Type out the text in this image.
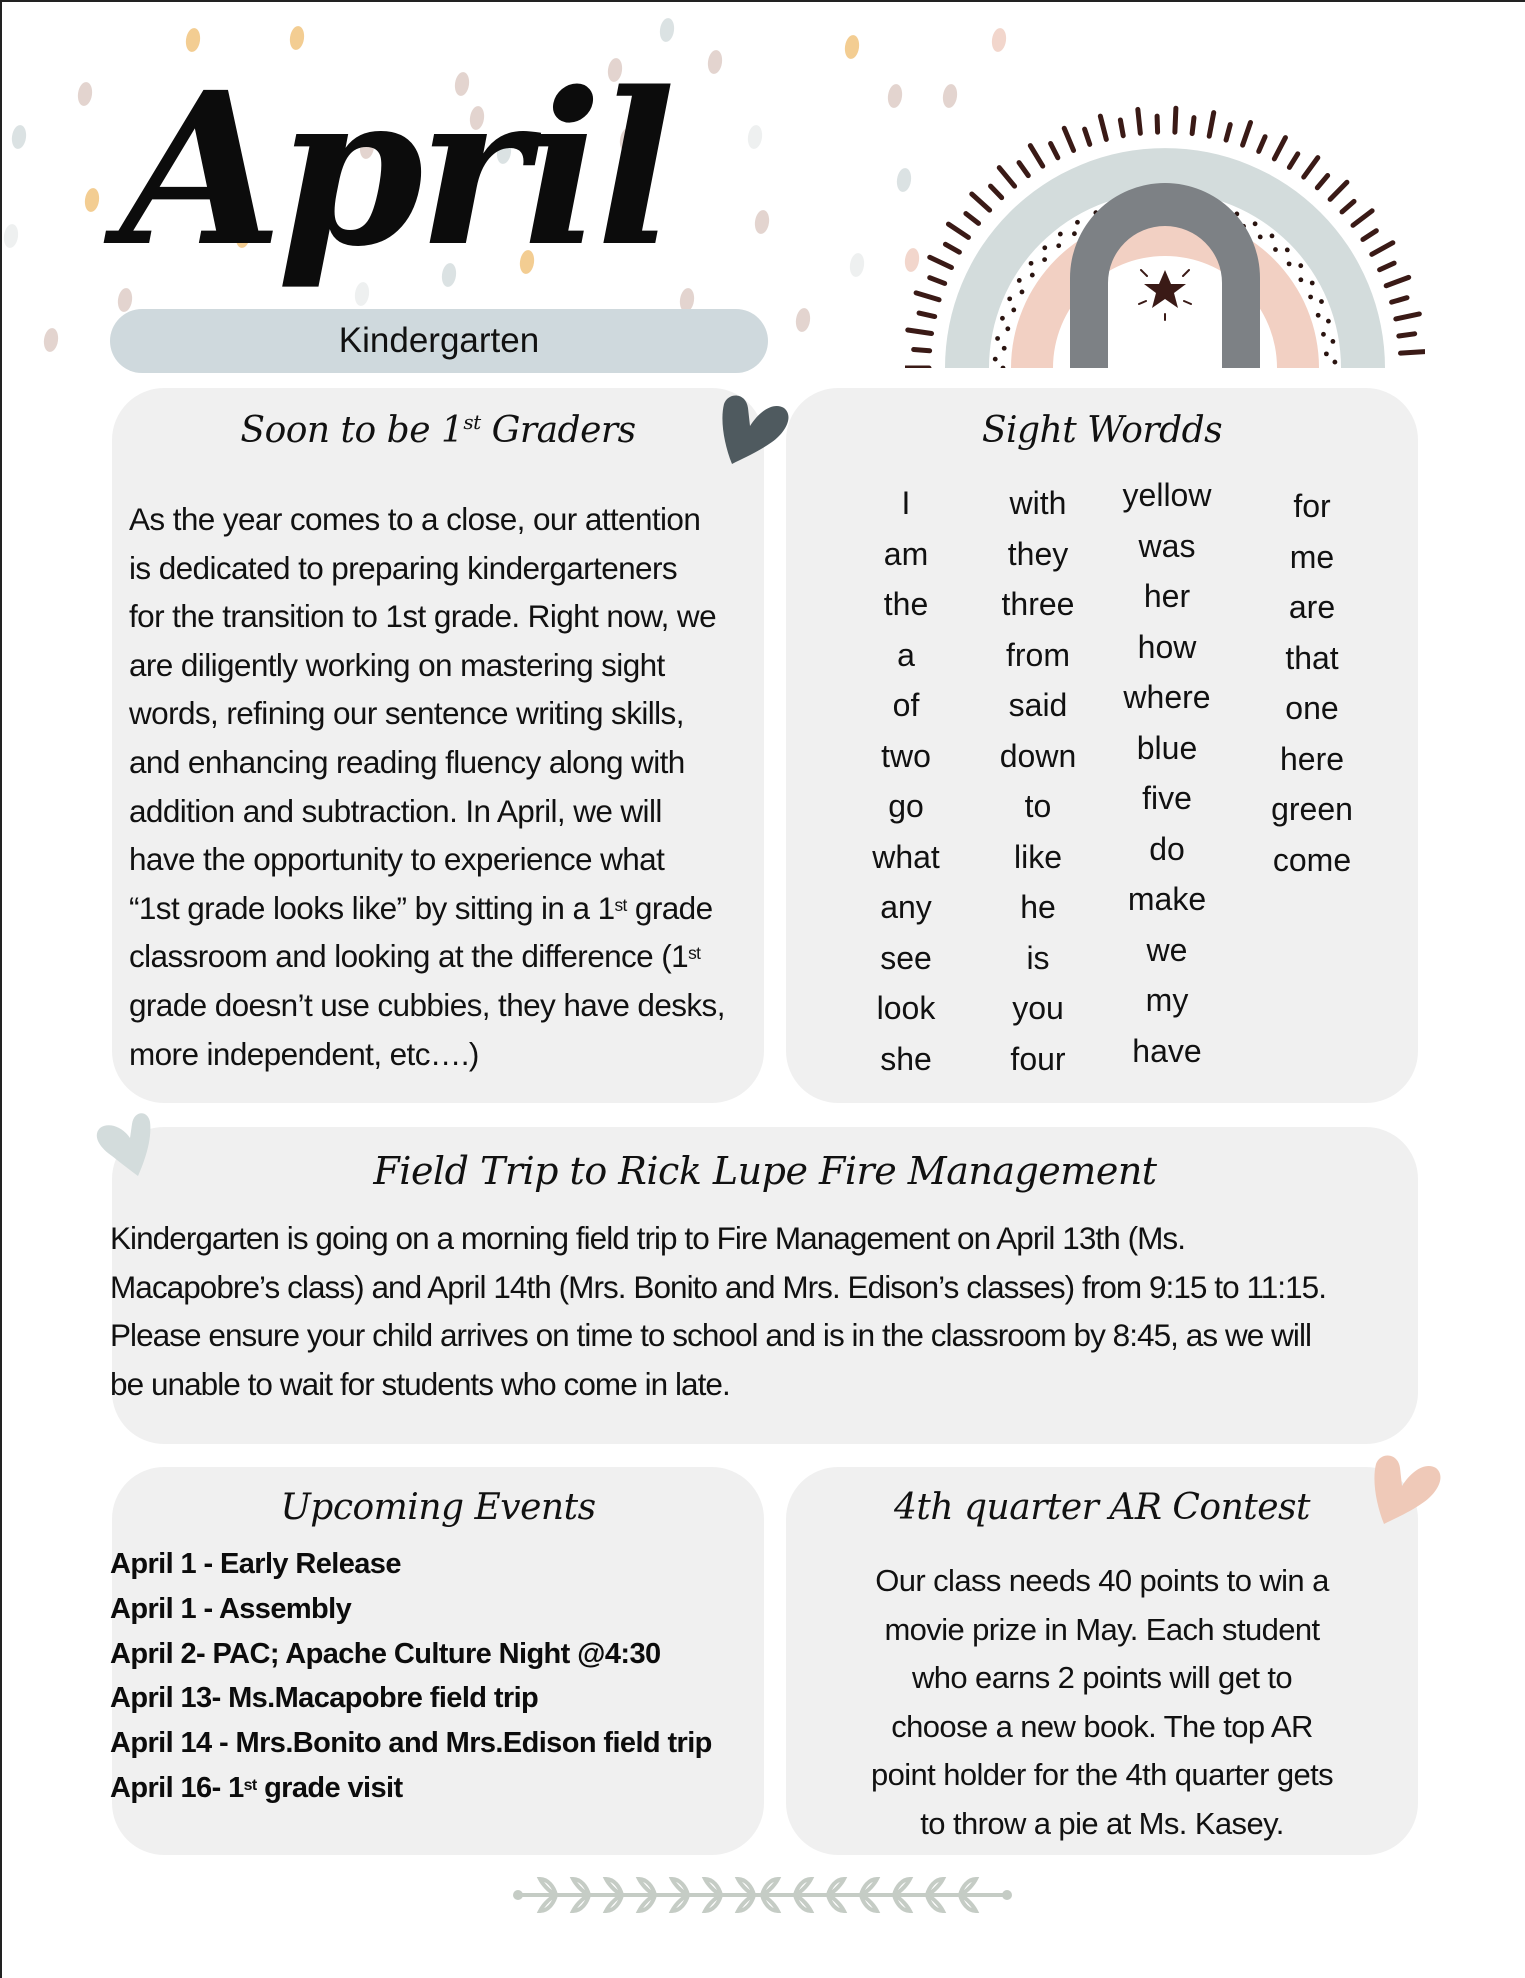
April
Kindergarten
Soon to be 1st Graders

As the year comes to a close, our attention

is dedicated to preparing kindergarteners

for the transition to 1st grade. Right now, we

are diligently working on mastering sight

words, refining our sentence writing skills,

and enhancing reading fluency along with

addition and subtraction. In April, we will

have the opportunity to experience what

“1st grade looks like” by sitting in a 1st grade

classroom and looking at the difference (1st

grade doesn’t use cubbies, they have desks,

more independent, etc….)

Sight Wordds
I
am
the
a
of
two
go
what
any
see
look
she
with
they
three
from
said
down
to
like
he
is
you
four
yellow
was
her
how
where
blue
five
do
make
we
my
have
for
me
are
that
one
here
green
come
Field Trip to Rick Lupe Fire Management

Kindergarten is going on a morning field trip to Fire Management on April 13th (Ms.

Macapobre’s class) and April 14th (Mrs. Bonito and Mrs. Edison’s classes) from 9:15 to 11:15.

Please ensure your child arrives on time to school and is in the classroom by 8:45, as we will

be unable to wait for students who come in late.

Upcoming Events
April 1 - Early Release
April 1 - Assembly
April 2- PAC; Apache Culture Night @4:30
April 13- Ms.Macapobre field trip
April 14 - Mrs.Bonito and Mrs.Edison field trip
April 16- 1st grade visit
4th quarter AR Contest

Our class needs 40 points to win a

movie prize in May. Each student

who earns 2 points will get to

choose a new book. The top AR

point holder for the 4th quarter gets

to throw a pie at Ms. Kasey.
